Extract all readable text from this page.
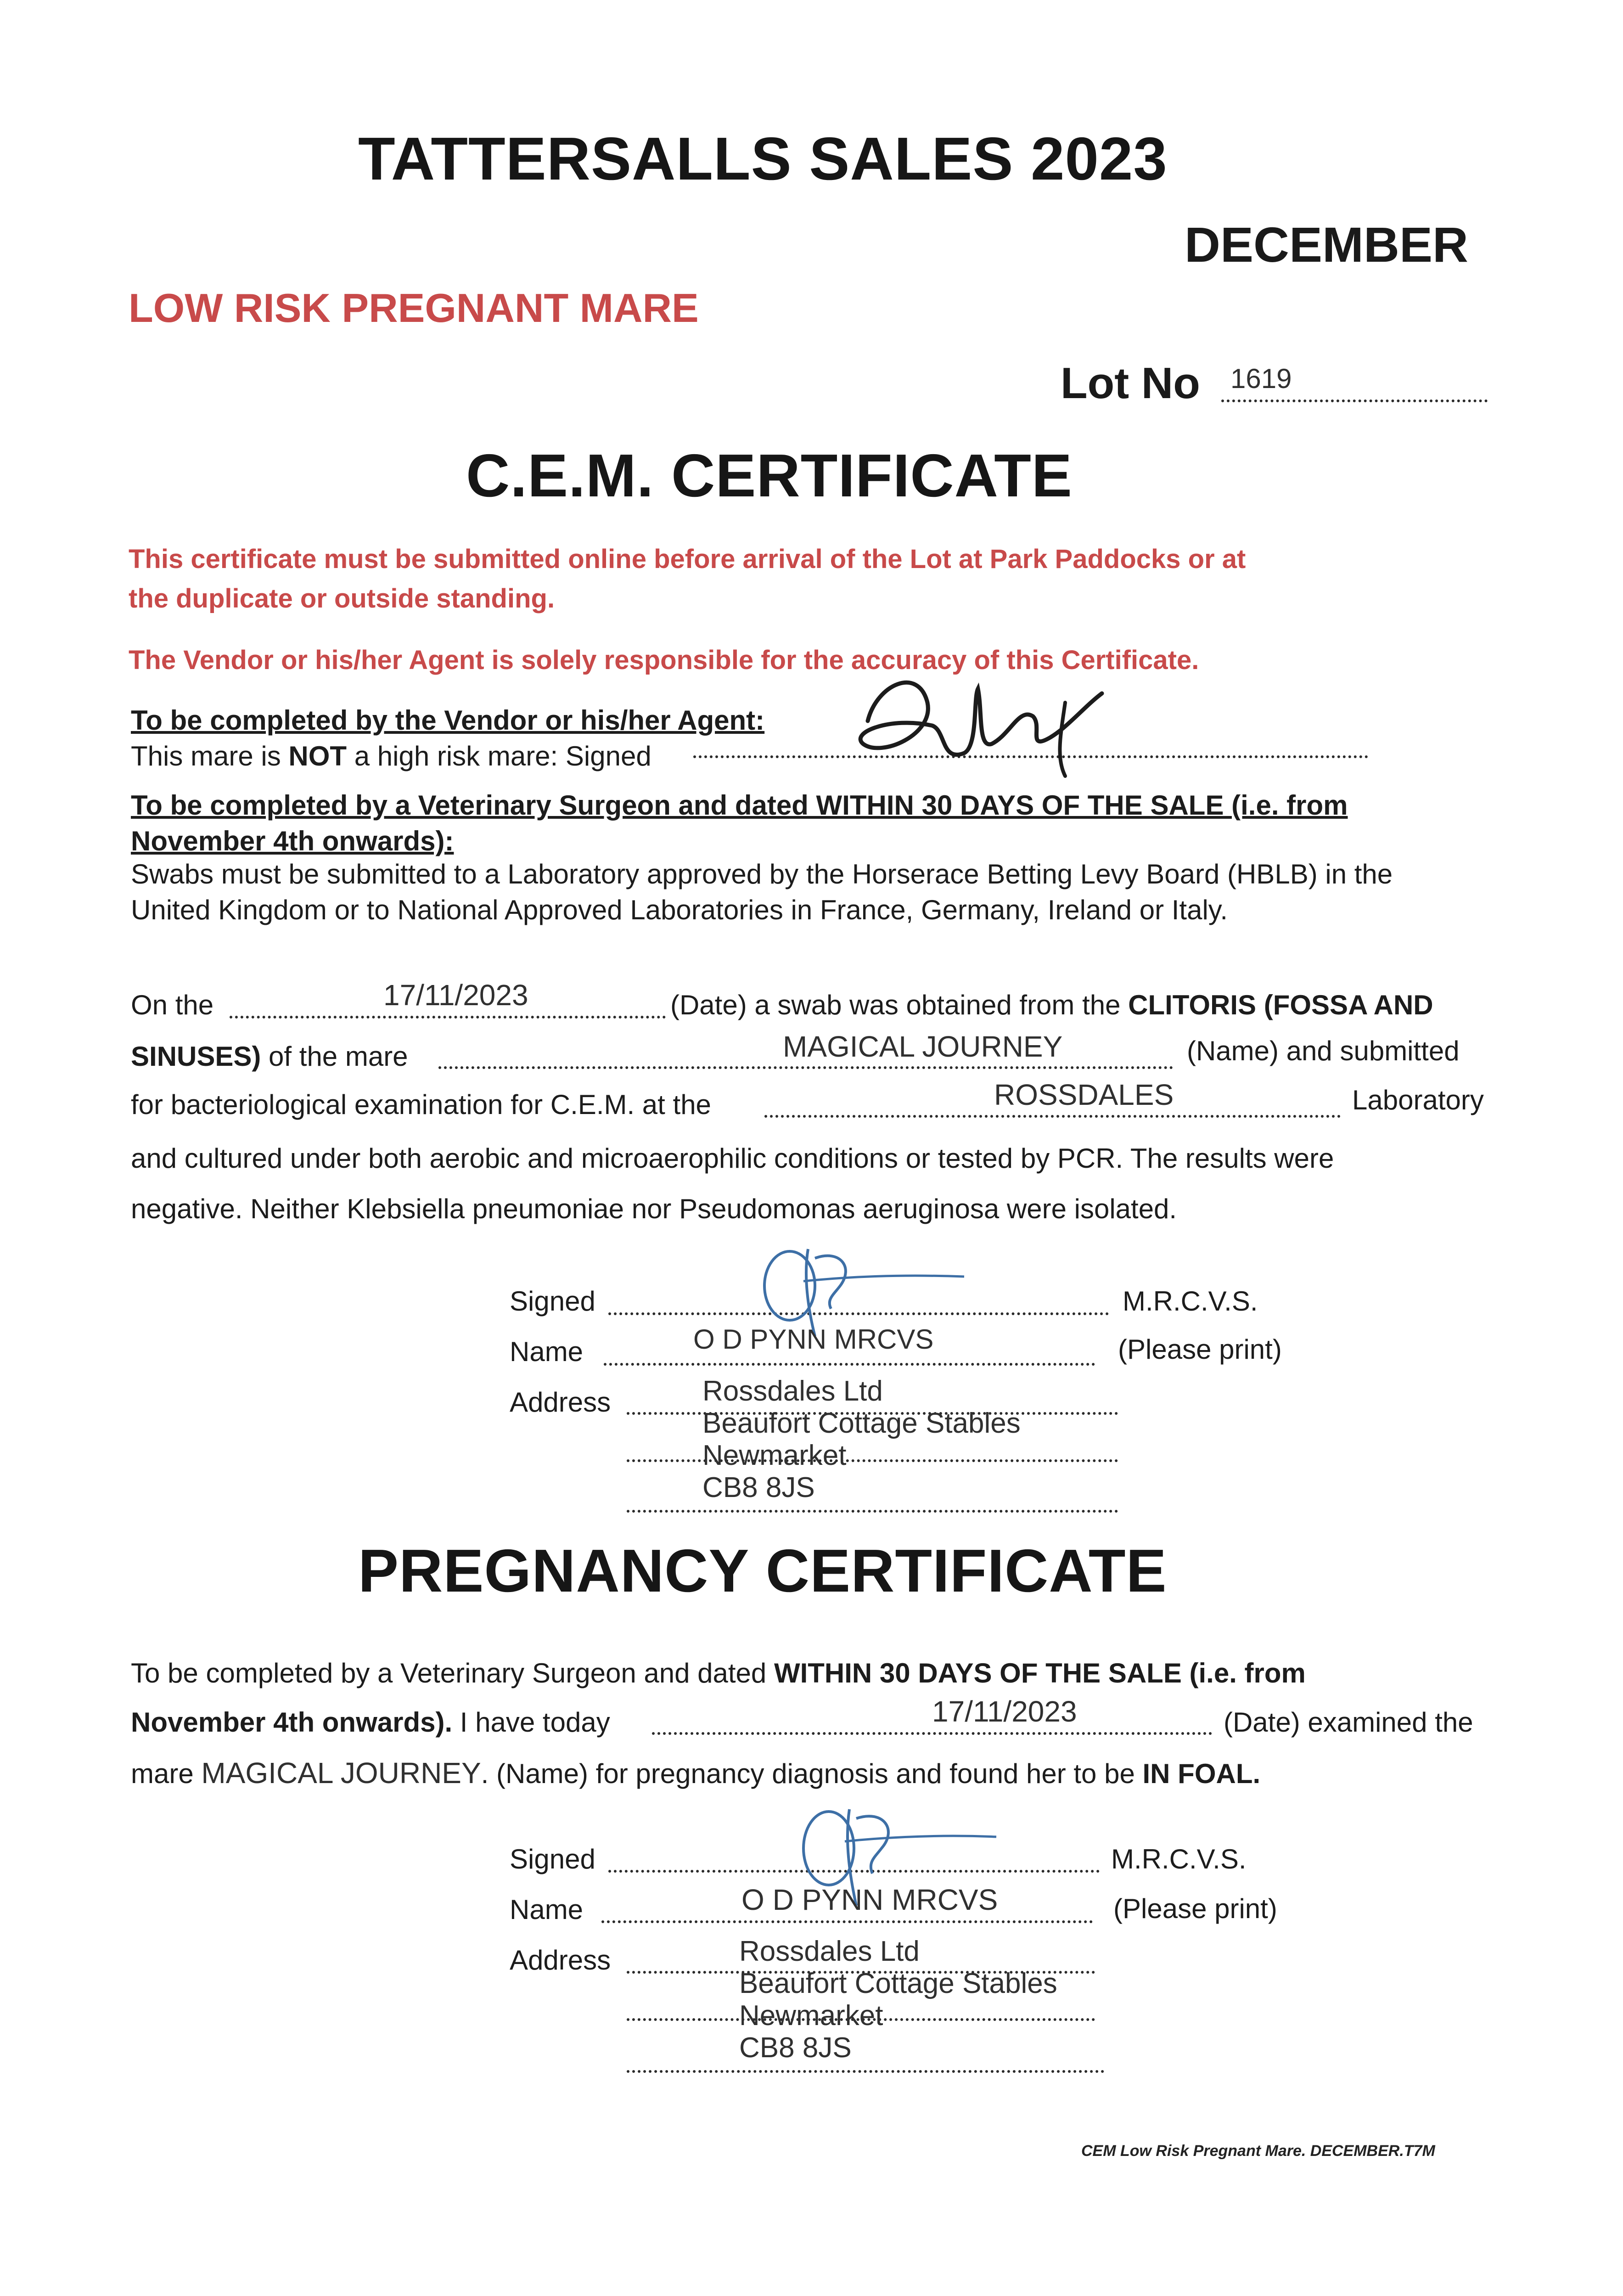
TATTERSALLS SALES 2023
DECEMBER
LOW RISK PREGNANT MARE
Lot No 1619
C.E.M. CERTIFICATE
This certificate must be submitted online before arrival of the Lot at Park Paddocks or at
the duplicate or outside standing.
The Vendor or his/her Agent is solely responsible for the accuracy of this Certificate.
To be completed by the Vendor or his/her Agent:
This mare is NOT a high risk mare: Signed
To be completed by a Veterinary Surgeon and dated WITHIN 30 DAYS OF THE SALE (i.e. from
November 4th onwards):
Swabs must be submitted to a Laboratory approved by the Horserace Betting Levy Board (HBLB) in the
United Kingdom or to National Approved Laboratories in France, Germany, Ireland or Italy.
On the	17/11/2023	(Date) a swab was obtained from the CLITORIS (FOSSA AND
SINUSES) of the mare	MAGICAL JOURNEY	(Name) and submitted
for bacteriological examination for C.E.M. at the	ROSSDALES	Laboratory
and cultured under both aerobic and microaerophilic conditions or tested by PCR. The results were
negative. Neither Klebsiella pneumoniae nor Pseudomonas aeruginosa were isolated.
Signed	M.R.C.V.S.
Name	O D PYNN MRCVS	(Please print)
Address	Rossdales Ltd
Beaufort Cottage Stables
Newmarket
CB8 8JS
PREGNANCY CERTIFICATE
To be completed by a Veterinary Surgeon and dated WITHIN 30 DAYS OF THE SALE (i.e. from
November 4th onwards). I have today	17/11/2023	(Date) examined the
mare MAGICAL JOURNEY. (Name) for pregnancy diagnosis and found her to be IN FOAL.
Signed	M.R.C.V.S.
Name	O D PYNN MRCVS	(Please print)
Address	Rossdales Ltd
Beaufort Cottage Stables
Newmarket
CB8 8JS
CEM Low Risk Pregnant Mare. DECEMBER.T7M
